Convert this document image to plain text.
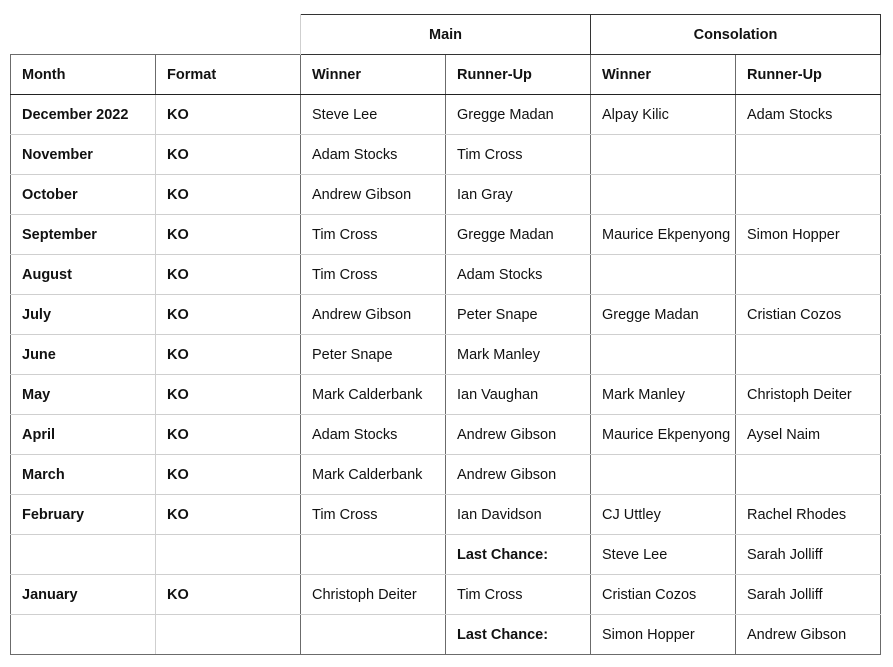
		Main		Consolation	
Month	Format	Winner	Runner-Up	Winner	Runner-Up
December 2022	KO	Steve Lee	Gregge Madan	Alpay Kilic	Adam Stocks
November	KO	Adam Stocks	Tim Cross		
October	KO	Andrew Gibson	Ian Gray		
September	KO	Tim Cross	Gregge Madan	Maurice Ekpenyong	Simon Hopper
August	KO	Tim Cross	Adam Stocks		
July	KO	Andrew Gibson	Peter Snape	Gregge Madan	Cristian Cozos
June	KO	Peter Snape	Mark Manley		
May	KO	Mark Calderbank	Ian Vaughan	Mark Manley	Christoph Deiter
April	KO	Adam Stocks	Andrew Gibson	Maurice Ekpenyong	Aysel Naim
March	KO	Mark Calderbank	Andrew Gibson		
February	KO	Tim Cross	Ian Davidson	CJ Uttley	Rachel Rhodes
			Last Chance:	Steve Lee	Sarah Jolliff
January	KO	Christoph Deiter	Tim Cross	Cristian Cozos	Sarah Jolliff
			Last Chance:	Simon Hopper	Andrew Gibson
